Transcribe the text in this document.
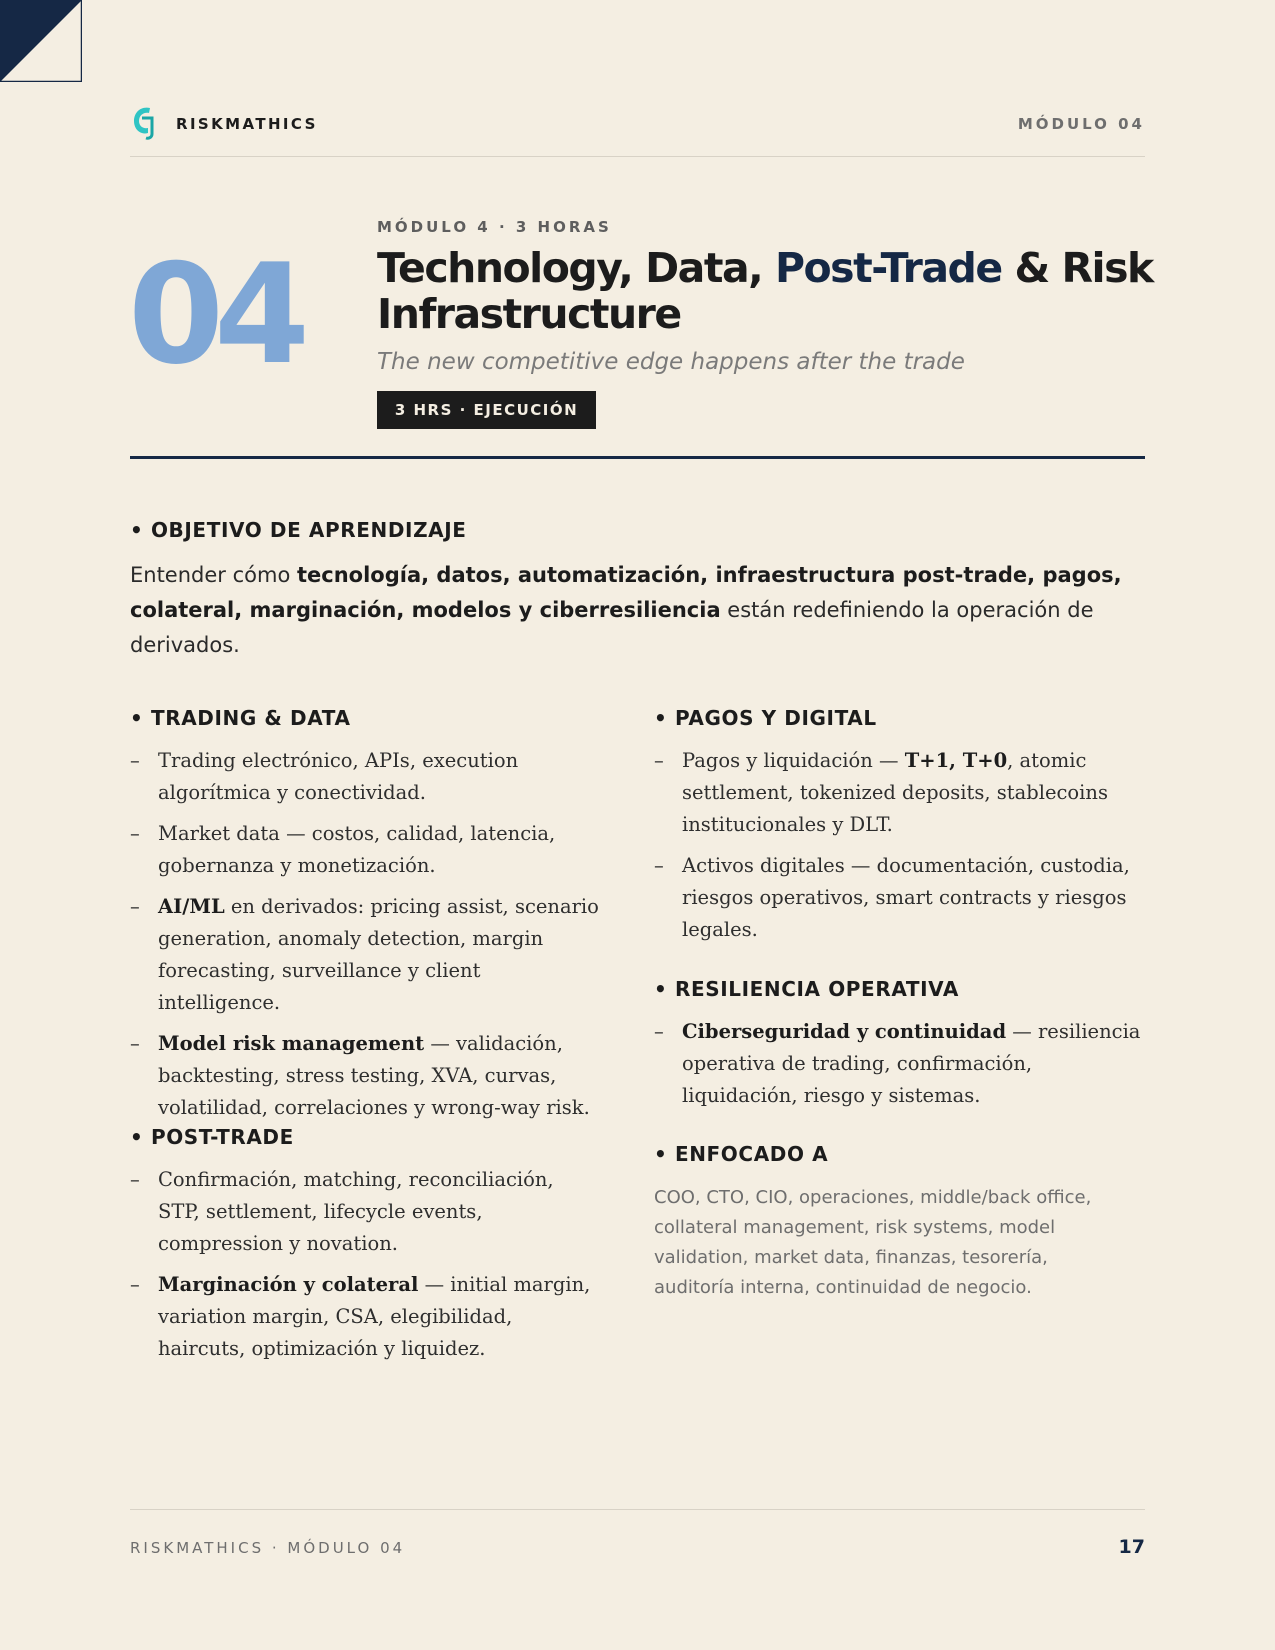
RISKMATHICS	MÓDULO 04
04
MÓDULO 4 · 3 HORAS
Technology, Data, Post-Trade & Risk Infrastructure
The new competitive edge happens after the trade
3 HRS · EJECUCIÓN
• OBJETIVO DE APRENDIZAJE
Entender cómo tecnología, datos, automatización, infraestructura post-trade, pagos, colateral, marginación, modelos y ciberresiliencia están redefiniendo la operación de derivados.
• TRADING & DATA
– Trading electrónico, APIs, execution algorítmica y conectividad.
– Market data — costos, calidad, latencia, gobernanza y monetización.
– AI/ML en derivados: pricing assist, scenario generation, anomaly detection, margin forecasting, surveillance y client intelligence.
– Model risk management — validación, backtesting, stress testing, XVA, curvas, volatilidad, correlaciones y wrong-way risk.
• POST-TRADE
– Confirmación, matching, reconciliación, STP, settlement, lifecycle events, compression y novation.
– Marginación y colateral — initial margin, variation margin, CSA, elegibilidad, haircuts, optimización y liquidez.
• PAGOS Y DIGITAL
– Pagos y liquidación — T+1, T+0, atomic settlement, tokenized deposits, stablecoins institucionales y DLT.
– Activos digitales — documentación, custodia, riesgos operativos, smart contracts y riesgos legales.
• RESILIENCIA OPERATIVA
– Ciberseguridad y continuidad — resiliencia operativa de trading, confirmación, liquidación, riesgo y sistemas.
• ENFOCADO A
COO, CTO, CIO, operaciones, middle/back office, collateral management, risk systems, model validation, market data, finanzas, tesorería, auditoría interna, continuidad de negocio.
RISKMATHICS · MÓDULO 04	17
